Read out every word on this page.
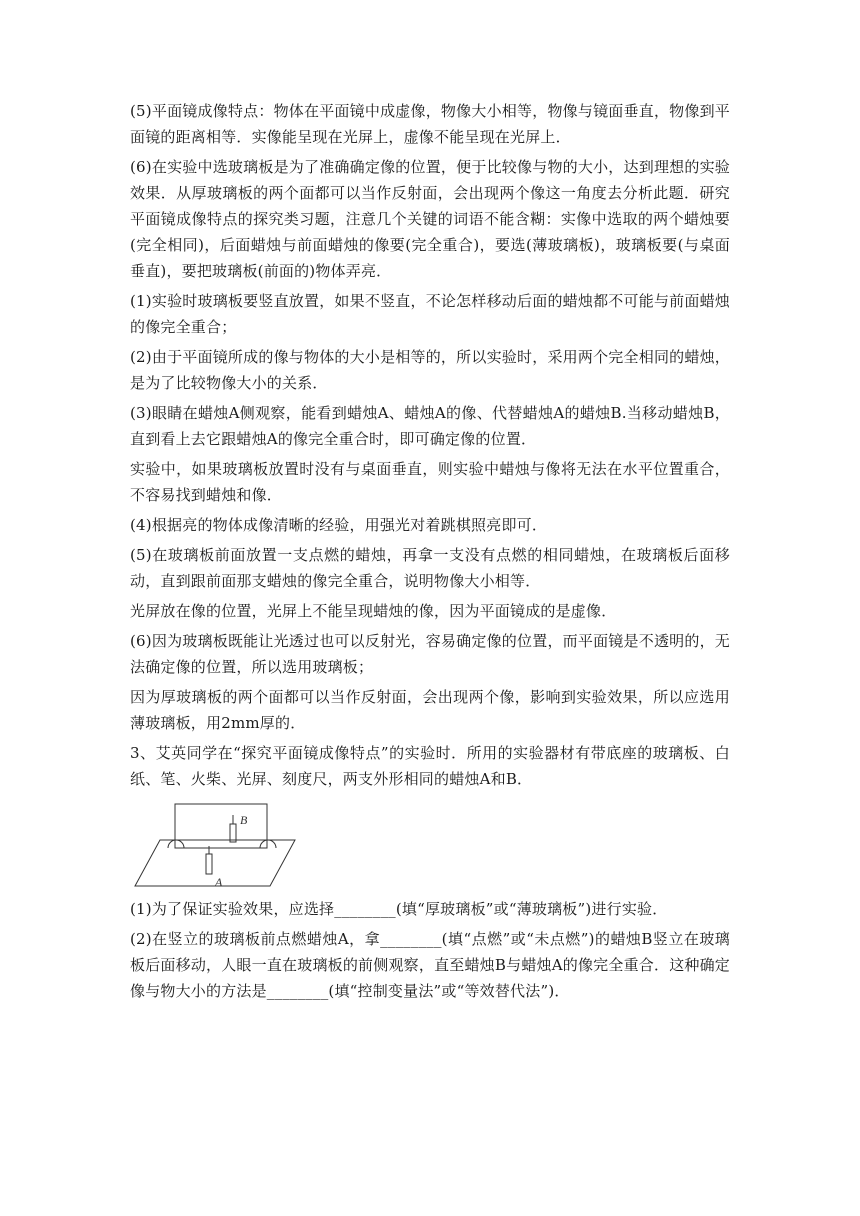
(5)平面镜成像特点：物体在平面镜中成虚像，物像大小相等，物像与镜面垂直，物像到平面镜的距离相等．实像能呈现在光屏上，虚像不能呈现在光屏上．

(6)在实验中选玻璃板是为了准确确定像的位置，便于比较像与物的大小，达到理想的实验效果．从厚玻璃板的两个面都可以当作反射面，会出现两个像这一角度去分析此题．研究平面镜成像特点的探究类习题，注意几个关键的词语不能含糊：实像中选取的两个蜡烛要(完全相同)，后面蜡烛与前面蜡烛的像要(完全重合)，要选(薄玻璃板)，玻璃板要(与桌面垂直)，要把玻璃板(前面的)物体弄亮．

(1)实验时玻璃板要竖直放置，如果不竖直，不论怎样移动后面的蜡烛都不可能与前面蜡烛的像完全重合；

(2)由于平面镜所成的像与物体的大小是相等的，所以实验时，采用两个完全相同的蜡烛，是为了比较物像大小的关系．

(3)眼睛在蜡烛A侧观察，能看到蜡烛A、蜡烛A的像、代替蜡烛A的蜡烛B.当移动蜡烛B，直到看上去它跟蜡烛A的像完全重合时，即可确定像的位置．

实验中，如果玻璃板放置时没有与桌面垂直，则实验中蜡烛与像将无法在水平位置重合，不容易找到蜡烛和像．

(4)根据亮的物体成像清晰的经验，用强光对着跳棋照亮即可．

(5)在玻璃板前面放置一支点燃的蜡烛，再拿一支没有点燃的相同蜡烛，在玻璃板后面移动，直到跟前面那支蜡烛的像完全重合，说明物像大小相等．

光屏放在像的位置，光屏上不能呈现蜡烛的像，因为平面镜成的是虚像．

(6)因为玻璃板既能让光透过也可以反射光，容易确定像的位置，而平面镜是不透明的，无法确定像的位置，所以选用玻璃板；

因为厚玻璃板的两个面都可以当作反射面，会出现两个像，影响到实验效果，所以应选用薄玻璃板，用2mm厚的．

3、艾英同学在“探究平面镜成像特点”的实验时．所用的实验器材有带底座的玻璃板、白纸、笔、火柴、光屏、刻度尺，两支外形相同的蜡烛A和B．

B
A

(1)为了保证实验效果，应选择________(填“厚玻璃板”或“薄玻璃板”)进行实验．

(2)在竖立的玻璃板前点燃蜡烛A，拿________(填“点燃”或“未点燃”)的蜡烛B竖立在玻璃板后面移动，人眼一直在玻璃板的前侧观察，直至蜡烛B与蜡烛A的像完全重合．这种确定像与物大小的方法是________(填“控制变量法”或“等效替代法”)．
